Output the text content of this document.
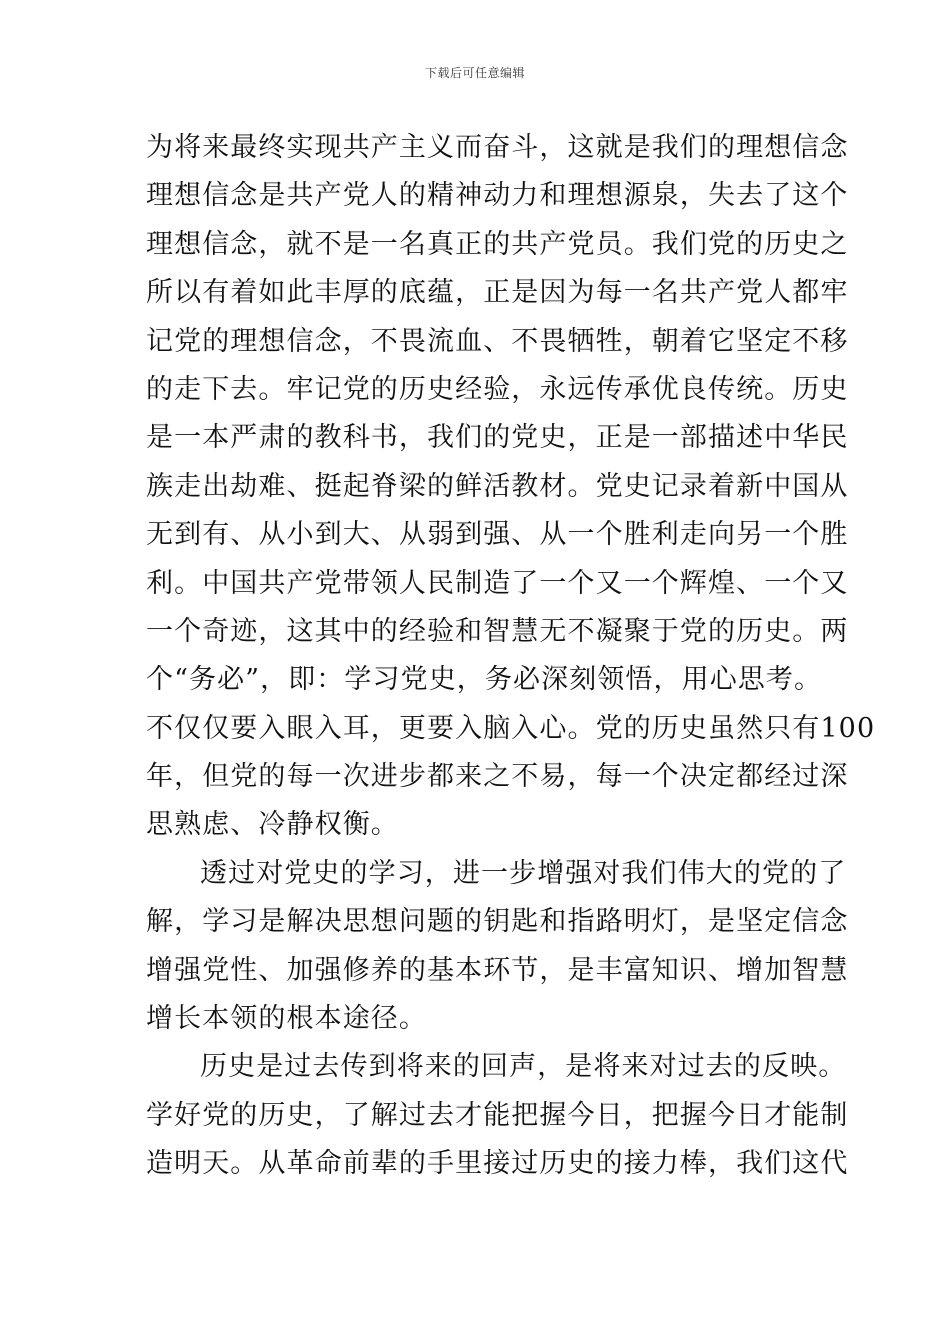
下载后可任意编辑
为将来最终实现共产主义而奋斗，这就是我们的理想信念
理想信念是共产党人的精神动力和理想源泉，失去了这个
理想信念，就不是一名真正的共产党员。我们党的历史之
所以有着如此丰厚的底蕴，正是因为每一名共产党人都牢
记党的理想信念，不畏流血、不畏牺牲，朝着它坚定不移
的走下去。牢记党的历史经验，永远传承优良传统。历史
是一本严肃的教科书，我们的党史，正是一部描述中华民
族走出劫难、挺起脊梁的鲜活教材。党史记录着新中国从
无到有、从小到大、从弱到强、从一个胜利走向另一个胜
利。中国共产党带领人民制造了一个又一个辉煌、一个又
一个奇迹，这其中的经验和智慧无不凝聚于党的历史。两
个“务必”，即：学习党史，务必深刻领悟，用心思考。
不仅仅要入眼入耳，更要入脑入心。党的历史虽然只有100
年，但党的每一次进步都来之不易，每一个决定都经过深
思熟虑、冷静权衡。
透过对党史的学习，进一步增强对我们伟大的党的了
解，学习是解决思想问题的钥匙和指路明灯，是坚定信念
增强党性、加强修养的基本环节，是丰富知识、增加智慧
增长本领的根本途径。
历史是过去传到将来的回声，是将来对过去的反映。
学好党的历史，了解过去才能把握今日，把握今日才能制
造明天。从革命前辈的手里接过历史的接力棒，我们这代
